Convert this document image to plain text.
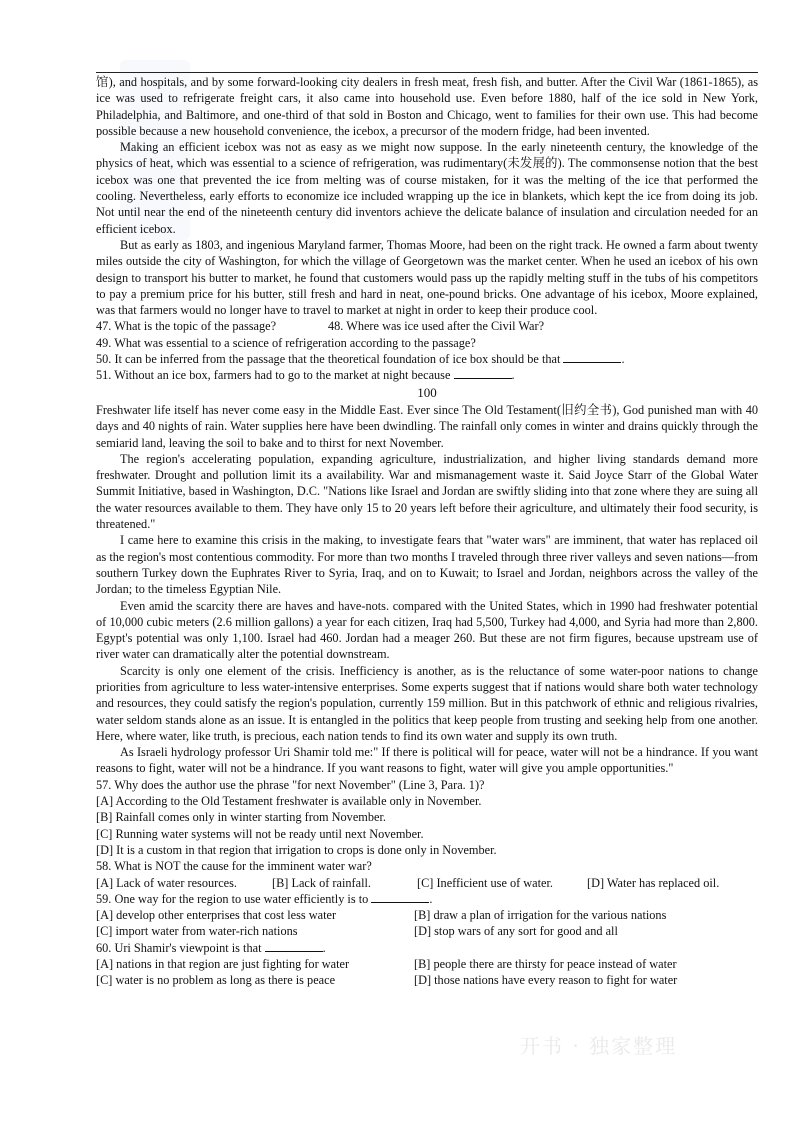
开书 · 独家整理

馆), and hospitals, and by some forward-looking city dealers in fresh meat, fresh fish, and butter. After the Civil War (1861-1865), as ice was used to refrigerate freight cars, it also came into household use. Even before 1880, half of the ice sold in New York, Philadelphia, and Baltimore, and one-third of that sold in Boston and Chicago, went to families for their own use. This had become possible because a new household convenience, the icebox, a precursor of the modern fridge, had been invented.

Making an efficient icebox was not as easy as we might now suppose. In the early nineteenth century, the knowledge of the physics of heat, which was essential to a science of refrigeration, was rudimentary(未发展的). The commonsense notion that the best icebox was one that prevented the ice from melting was of course mistaken, for it was the melting of the ice that performed the cooling. Nevertheless, early efforts to economize ice included wrapping up the ice in blankets, which kept the ice from doing its job. Not until near the end of the nineteenth century did inventors achieve the delicate balance of insulation and circulation needed for an efficient icebox.

But as early as 1803, and ingenious Maryland farmer, Thomas Moore, had been on the right track. He owned a farm about twenty miles outside the city of Washington, for which the village of Georgetown was the market center. When he used an icebox of his own design to transport his butter to market, he found that customers would pass up the rapidly melting stuff in the tubs of his competitors to pay a premium price for his butter, still fresh and hard in neat, one-pound bricks. One advantage of his icebox, Moore explained, was that farmers would no longer have to travel to market at night in order to keep their produce cool.

47. What is the topic of the passage?	48. Where was ice used after the Civil War?

49. What was essential to a science of refrigeration according to the passage?

50. It can be inferred from the passage that the theoretical foundation of ice box should be that	.

51. Without an ice box, farmers had to go to the market at night because	.

100

Freshwater life itself has never come easy in the Middle East. Ever since The Old Testament(旧约全书), God punished man with 40 days and 40 nights of rain. Water supplies here have been dwindling. The rainfall only comes in winter and drains quickly through the semiarid land, leaving the soil to bake and to thirst for next November.

The region's accelerating population, expanding agriculture, industrialization, and higher living standards demand more freshwater. Drought and pollution limit its a availability. War and mismanagement waste it. Said Joyce Starr of the Global Water Summit Initiative, based in Washington, D.C. "Nations like Israel and Jordan are swiftly sliding into that zone where they are suing all the water resources available to them. They have only 15 to 20 years left before their agriculture, and ultimately their food security, is threatened."

I came here to examine this crisis in the making, to investigate fears that "water wars" are imminent, that water has replaced oil as the region's most contentious commodity. For more than two months I traveled through three river valleys and seven nations—from southern Turkey down the Euphrates River to Syria, Iraq, and on to Kuwait; to Israel and Jordan, neighbors across the valley of the Jordan; to the timeless Egyptian Nile.

Even amid the scarcity there are haves and have-nots. compared with the United States, which in 1990 had freshwater potential of 10,000 cubic meters (2.6 million gallons) a year for each citizen, Iraq had 5,500, Turkey had 4,000, and Syria had more than 2,800. Egypt's potential was only 1,100. Israel had 460. Jordan had a meager 260. But these are not firm figures, because upstream use of river water can dramatically alter the potential downstream.

Scarcity is only one element of the crisis. Inefficiency is another, as is the reluctance of some water-poor nations to change priorities from agriculture to less water-intensive enterprises. Some experts suggest that if nations would share both water technology and resources, they could satisfy the region's population, currently 159 million. But in this patchwork of ethnic and religious rivalries, water seldom stands alone as an issue. It is entangled in the politics that keep people from trusting and seeking help from one another. Here, where water, like truth, is precious, each nation tends to find its own water and supply its own truth.

As Israeli hydrology professor Uri Shamir told me:" If there is political will for peace, water will not be a hindrance. If you want reasons to fight, water will not be a hindrance. If you want reasons to fight, water will give you ample opportunities."

57. Why does the author use the phrase "for next November" (Line 3, Para. 1)?

[A] According to the Old Testament freshwater is available only in November.

[B] Rainfall comes only in winter starting from November.

[C] Running water systems will not be ready until next November.

[D] It is a custom in that region that irrigation to crops is done only in November.

58. What is NOT the cause for the imminent water war?

[A] Lack of water resources.	[B] Lack of rainfall.	[C] Inefficient use of water.	[D] Water has replaced oil.

59. One way for the region to use water efficiently is to	.

[A] develop other enterprises that cost less water	[B] draw a plan of irrigation for the various nations
[C] import water from water-rich nations	[D] stop wars of any sort for good and all

60. Uri Shamir's viewpoint is that	.

[A] nations in that region are just fighting for water	[B] people there are thirsty for peace instead of water
[C] water is no problem as long as there is peace	[D] those nations have every reason to fight for water
